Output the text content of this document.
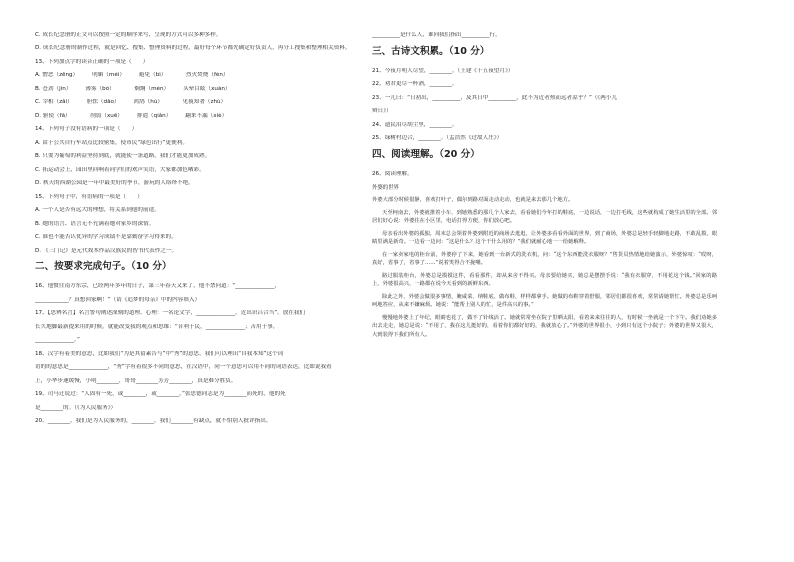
C. 成长纪念册的正文可以按照一定的顺序来写，呈现的方式可以多种多样。

D. 成长纪念册的制作过程，就是回忆、搜集、整理资料的过程，最好每个环节都先确定好负责人，再分工搜集和整理相关资料。

13、下列加点字的读音正确的一项是（　　）

A. 憎恶（zēng）　　　明媚（méi）　　　避免（bì）　　　　烈火焚烧（fén）

B. 苍劲（jìn）　　　薄雾（bó）　　　　炯炯（mén）　　　头晕目眩（xuàn）

C. 宰相（zǎi）　　　胆怯（dǎo）　　　鸿鹄（hú）　　　　见藐知著（zhù）

D. 驱使（fā）　　　　削弱（xuē）　　　排遣（qiǎn）　　　翻来不漏（xiè）

14、下列句子没有语病的一项是（　　）

A. 由于公共自行车站点比较密集，使市民“绿色出行”更便利。

B. 只要为葡萄的利益坚持到底，就能使一条道路，我们才能更加成熟。

C. 拓运动会上，园田里回响着同学们的欢声笑语，大家都加色晒彩。

D. 秋天的西湖公园是一年中最美好的季节，游玩的人络绎不绝。

15、下列句子中，有语病的一项是（　　）

A. 一个人是否有远大的理想，将关系到他的前途。

B. 她的语言、语言无不充满着她对家乡的深情。

C. 谁也不能否认优异的学习成绩不是靠勤奋学习得来的。

D. 《三门记》是元代戏本作品汉族民的智书代表作之一。

二、按要求完成句子。（10 分）

16、他惯住南方东宗，已经两年多年的日子，第三年春天又来了，他不禁问道：“______________，

____________？真想回家啊！”（请《追梦的母亲》中的内容填入）

17、【思辨名言】名言警句阐述深刻的道理、心理：一名论文字，______________，近出识吕合当”。放在我们

长久地脚最新提来用的时候，就能改变我的观点和思维：“昔利于民，______________；苦用于事，

______________。”

18、汉字有着美的意思，比如我们“为是其留素告与”中“秀”的意思，我们可以理出“自我本知”这个词

语的的意思是______________，“秀”字有着很多不同的意思，在汉语中，同一个意思可以用不同的词语表达，比如说我看

上，小华步速缓慢，小明________，哥哥________芳芳________，真是难分胜负。

19、司马迁说过：“人固有一死，或________，或________。”张思德同志是为________而死的，他的死

是________的。（《为人民服务》）

20、________，我们是为人民服务的，________，我们________有缺点，就不怕别人批评指出。

__________是什么人，谁向我们指出__________行。

三、古诗文积累。（10 分）

21、今夜月明人尽望，________。（王建《十五夜望月》）

22、劝君更尽一杯酒，________。

23、一儿曰：“日初出，__________，及其日中__________，此不为近者热而远者凉乎？”（《两小儿

辩日》）

24、遗民泪尽胡尘里，________。

25、绿树村边合，________。（孟浩然《过故人庄》）

四、阅读理解。（20 分）

26、阅读理解。

外婆的世界

外婆大部分时候很静，喜欢打叶子，偶尔到路对面走动走动，也就是来去那几个地方。

天至柯南去，外婆就推着小车，到她熟悉的那几个人家去，看看她们今年打的鞋底，一边说话，一边打毛线，这些就构成了她生活里的全部。邻居们好心说：外婆住在小区里，电话打得方便，你们放心吧。

母亲看出外婆的孤独，周末总会领着外婆到附近的商场去逛逛，让外婆多看看外面的世界，到了商场，外婆总是轻手轻脚地走路，不敢乱摸，眼睛里满是新奇。一边看一边问：“这是什么？这个干什么用的？”我们就耐心地一一给她解释。

在一家卖家电的柜台前，外婆停了下来，她看到一台新式的洗衣机，问：“这个东西能洗衣服呀？”售货员热情地给她演示，外婆惊叹：“哎呀，真好，省事了，省事了……”说着笑得合不拢嘴。

路过服装柜台，外婆总是摸摸这件，看看那件，却从来舍不得买。母亲要给她买，她总是摆摆手说：“我有衣服穿，不用花这个钱。”回家的路上，外婆很高兴，一路都在说今天看到的新鲜东西。

除此之外，外婆会做很多事情，腌咸菜、纳鞋底、做布鞋，样样都拿手。她做的布鞋穿着舒服，邻居们都很喜欢，常常请她帮忙。外婆总是乐呵呵地答应，从来不嫌麻烦。她说：“能帮上别人的忙，是件高兴的事。”

慢慢地外婆上了年纪，眼睛也花了，做不了针线活了。她就常常坐在院子里晒太阳，看着来来往往的人，有时候一坐就是一个下午。我们劝她多出去走走，她总是说：“不用了，我在这儿挺好的，看着你们都好好的，我就放心了。”外婆的世界很小，小到只有这个小院子；外婆的世界又很大，大到装得下我们所有人。
